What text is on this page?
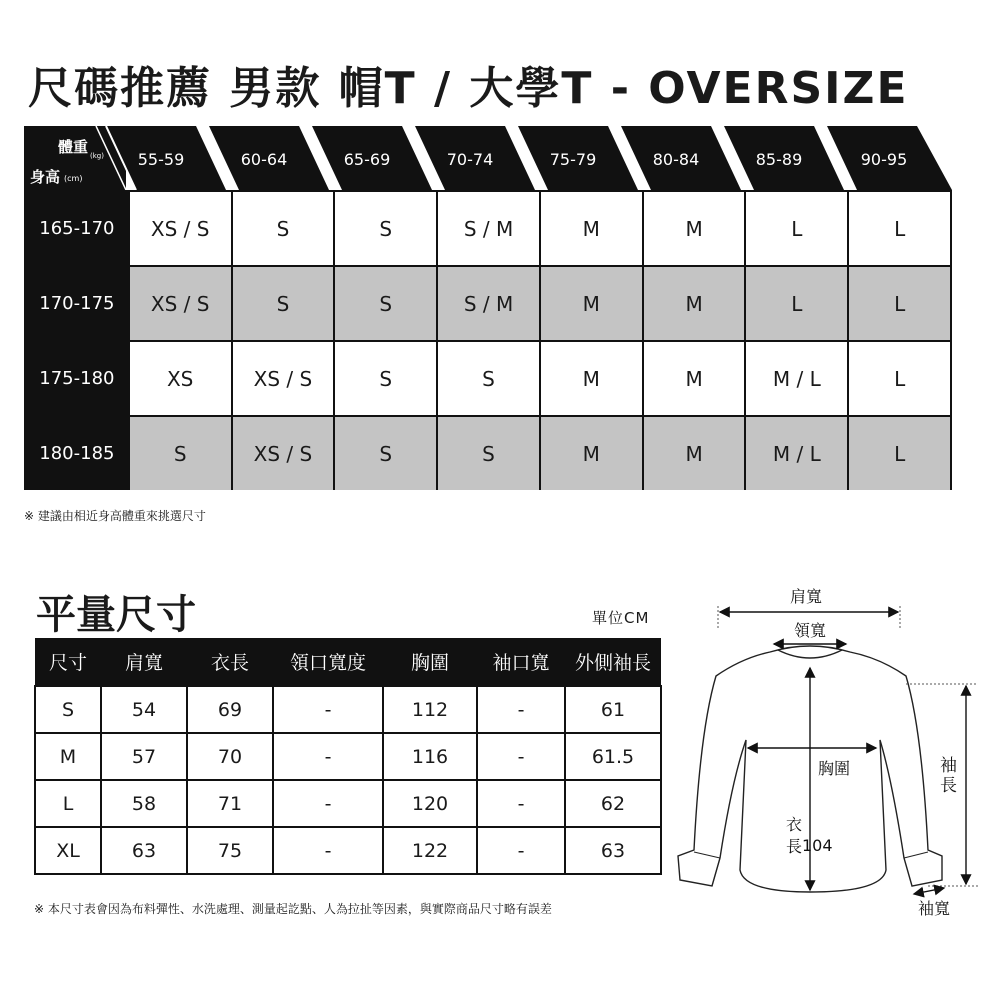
尺碼推薦 男款 帽T / 大學T - OVERSIZE
體重 (kg)
身高 (cm)
55-59	60-64	65-69	70-74	75-79	80-84	85-89	90-95
165-170	XS / S	S	S	S / M	M	M	L	L
170-175	XS / S	S	S	S / M	M	M	L	L
175-180	XS	XS / S	S	S	M	M	M / L	L
180-185	S	XS / S	S	S	M	M	M / L	L
※ 建議由相近身高體重來挑選尺寸
平量尺寸	單位CM
尺寸	肩寬	衣長	領口寬度	胸圍	袖口寬	外側袖長
S	54	69	-	112	-	61
M	57	70	-	116	-	61.5
L	58	71	-	120	-	62
XL	63	75	-	122	-	63
※ 本尺寸表會因為布料彈性、水洗處理、測量起訖點、人為拉扯等因素，與實際商品尺寸略有誤差
肩寬
領寬
胸圍
衣
長 104
袖長
袖寬
